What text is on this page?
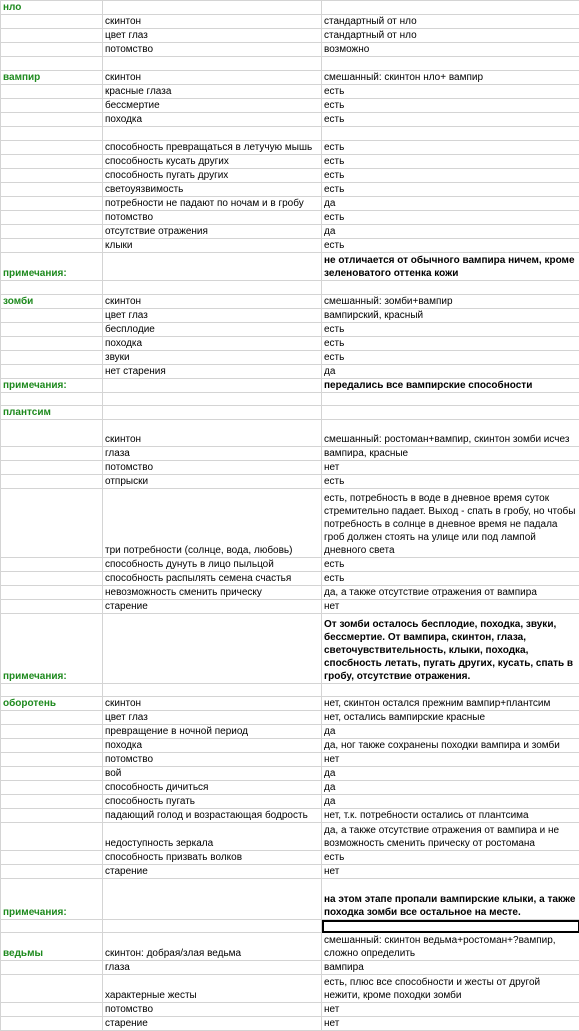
нло		
	скинтон	стандартный от нло
	цвет глаз	стандартный от нло
	потомство	возможно

вампир	скинтон	смешанный: скинтон нло+ вампир
	красные глаза	есть
	бессмертие	есть
	походка	есть

	способность превращаться в летучую мышь	есть
	способность кусать других	есть
	способность пугать других	есть
	светоуязвимость	есть
	потребности не падают по ночам и в гробу	да
	потомство	есть
	отсутствие отражения	да
	клыки	есть
примечания:		не отличается от обычного вампира ничем, кроме зеленоватого оттенка кожи

зомби	скинтон	смешанный: зомби+вампир
	цвет глаз	вампирский, красный
	бесплодие	есть
	походка	есть
	звуки	есть
	нет старения	да
примечания:		передались все вампирские способности

плантсим		
	скинтон	смешанный: ростоман+вампир, скинтон зомби исчез
	глаза	вампира, красные
	потомство	нет
	отпрыски	есть
	три потребности (солнце, вода, любовь)	есть, потребность в воде в дневное время суток стремительно падает. Выход - спать в гробу, но чтобы потребность в солнце в дневное время не падала гроб должен стоять на улице или под лампой дневного света
	способность дунуть в лицо пыльцой	есть
	способность распылять семена счастья	есть
	невозможность сменить прическу	да, а также отсутствие отражения от вампира
	старение	нет
примечания:		От зомби осталось бесплодие, походка, звуки, бессмертие. От вампира, скинтон, глаза, светочувствительность, клыки, походка, спосбность летать, пугать других, кусать, спать в гробу, отсутствие отражения.

оборотень	скинтон	нет, скинтон остался прежним вампир+плантсим
	цвет глаз	нет, остались вампирские красные
	превращение в ночной период	да
	походка	да, ног также сохранены походки вампира и зомби
	потомство	нет
	вой	да
	способность дичиться	да
	способность пугать	да
	падающий голод и возрастающая бодрость	нет, т.к. потребности остались от плантсима
	недоступность зеркала	да, а также отсутствие отражения от вампира и не возможность сменить прическу от ростомана
	способность призвать волков	есть
	старение	нет
примечания:		на этом этапе пропали вампирские клыки, а также походка зомби все остальное на месте.

ведьмы	скинтон: добрая/злая ведьма	смешанный: скинтон ведьма+ростоман+?вампир, сложно определить
	глаза	вампира
	характерные жесты	есть, плюс все способности и жесты от другой нежити, кроме походки зомби
	потомство	нет
	старение	нет
